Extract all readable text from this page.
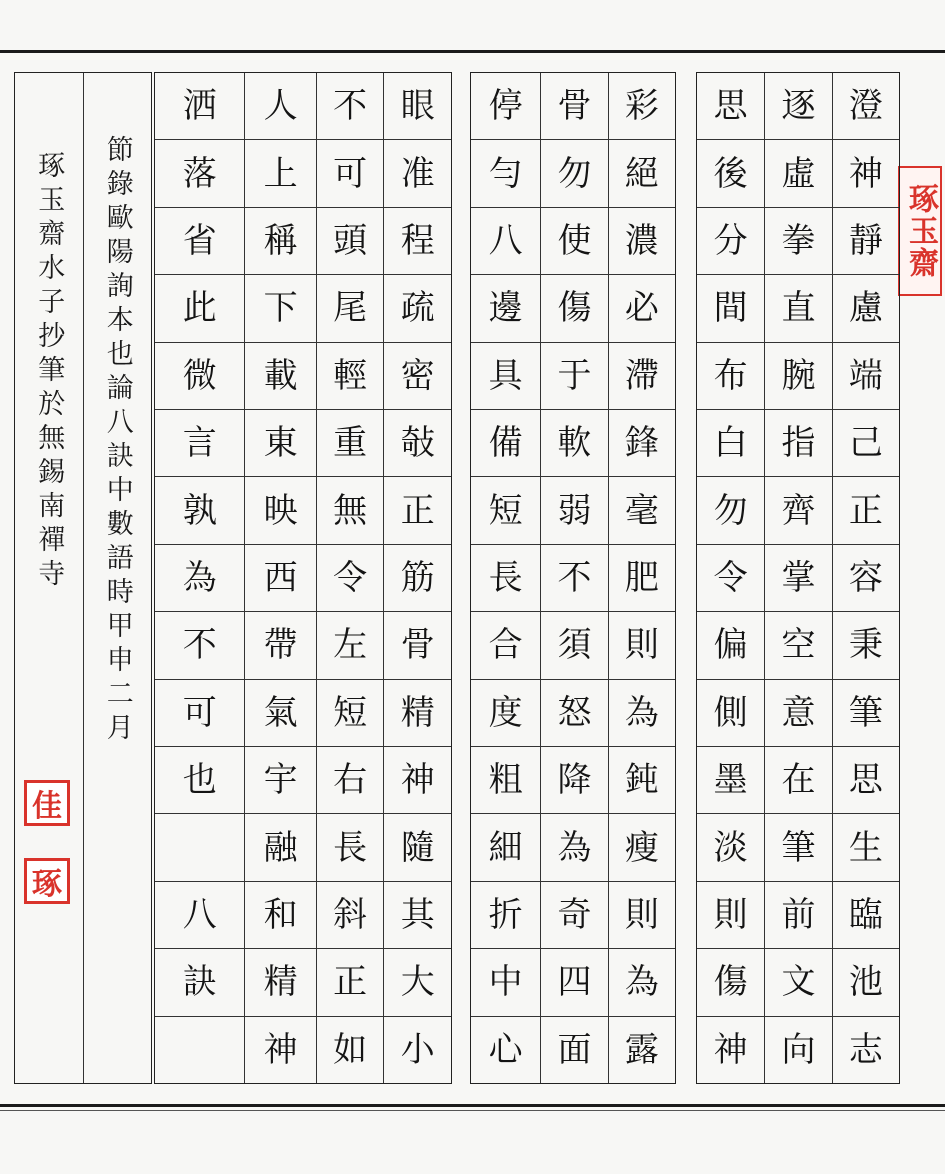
琢玉齋
澄
神
靜
慮
端
己
正
容
秉
筆
思
生
臨
池
志
逐
虛
拳
直
腕
指
齊
掌
空
意
在
筆
前
文
向
思
後
分
間
布
白
勿
令
偏
側
墨
淡
則
傷
神
彩
絕
濃
必
滯
鋒
毫
肥
則
為
鈍
瘦
則
為
露
骨
勿
使
傷
于
軟
弱
不
須
怒
降
為
奇
四
面
停
勻
八
邊
具
備
短
長
合
度
粗
細
折
中
心
眼
准
程
疏
密
敧
正
筋
骨
精
神
隨
其
大
小
不
可
頭
尾
輕
重
無
令
左
短
右
長
斜
正
如
人
上
稱
下
載
東
映
西
帶
氣
宇
融
和
精
神
洒
落
省
此
微
言
孰
為
不
可
也
八
訣
節錄歐陽詢本也論八訣中數語時甲申二月
琢玉齋水子抄筆於無錫南禪寺
佳
琢
